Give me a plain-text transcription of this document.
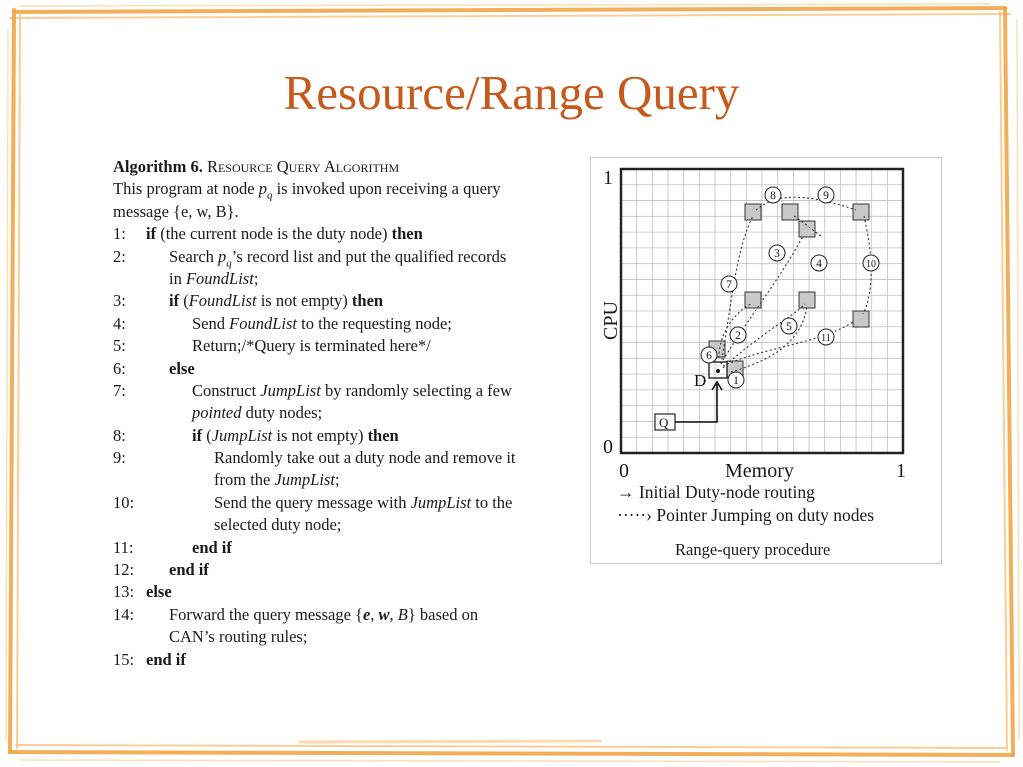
Resource/Range Query
Algorithm 6. Resource Query Algorithm
This program at node $p_q$ is invoked upon receiving a query
message {e, w, B}.
1: if (the current node is the duty node) then
2:	Search $p_q’s$ record list and put the qualified records
in FoundList;
3:	if (FoundList is not empty) then
4:	Send FoundList to the requesting node;
5:	Return;/*Query is terminated here*/
6:	else
7:	Construct JumpList by randomly selecting a few
pointed duty nodes;
8:	if (JumpList is not empty) then
9:	Randomly take out a duty node and remove it
from the JumpList;
10:	Send the query message with JumpList to the
selected duty node;
11:	end if
12: end if
13: else
14: Forward the query message {e, w, B} based on
CAN’s routing rules;
15: end if
Q
D 1
2
3
4
5
6
7
8	9
10
11
CPU
1
0
0	1
Memory
→ Initial Duty-node routing
·····› Pointer Jumping on duty nodes
Range-query procedure
